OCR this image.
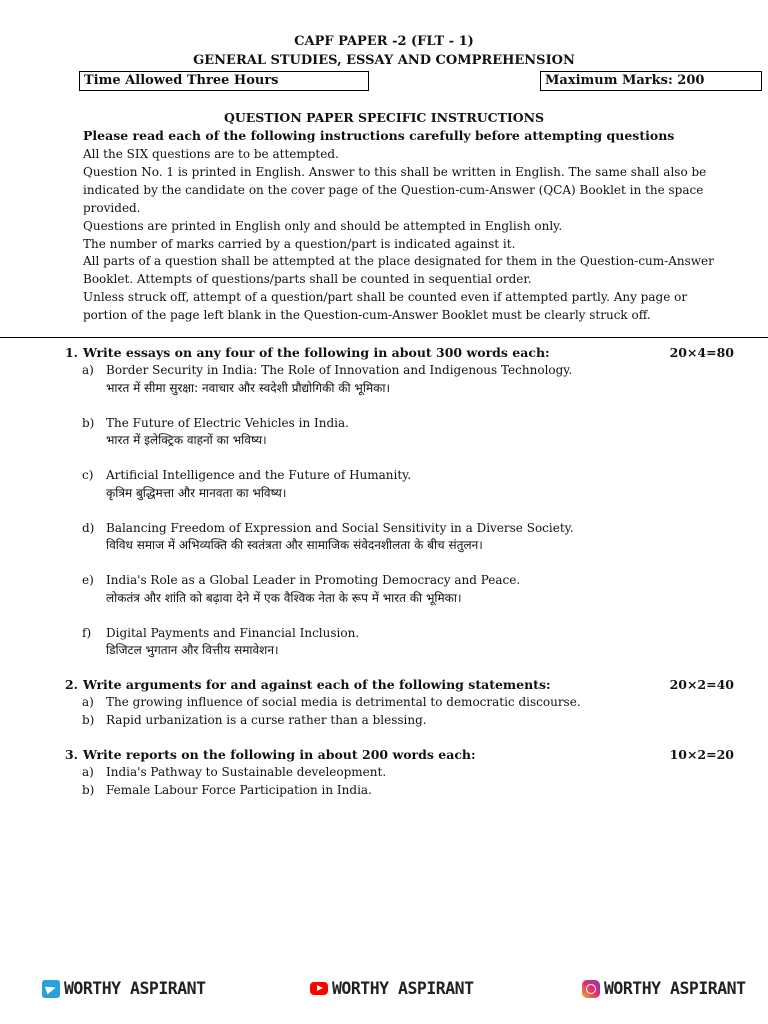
CAPF PAPER -2 (FLT - 1)
GENERAL STUDIES, ESSAY AND COMPREHENSION
Time Allowed Three Hours	Maximum Marks: 200
QUESTION PAPER SPECIFIC INSTRUCTIONS
Please read each of the following instructions carefully before attempting questions

All the SIX questions are to be attempted.

Question No. 1 is printed in English. Answer to this shall be written in English. The same shall also be indicated by the candidate on the cover page of the Question-cum-Answer (QCA) Booklet in the space provided.

Questions are printed in English only and should be attempted in English only.

The number of marks carried by a question/part is indicated against it.

All parts of a question shall be attempted at the place designated for them in the Question-cum-Answer Booklet. Attempts of questions/parts shall be counted in sequential order.

Unless struck off, attempt of a question/part shall be counted even if attempted partly. Any page or portion of the page left blank in the Question-cum-Answer Booklet must be clearly struck off.

1. Write essays on any four of the following in about 300 words each:	20×4=80
a)	Border Security in India: The Role of Innovation and Indigenous Technology.
भारत में सीमा सुरक्षा: नवाचार और स्वदेशी प्रौद्योगिकी की भूमिका।
b) The Future of Electric Vehicles in India.
भारत में इलेक्ट्रिक वाहनों का भविष्य।
c)	Artificial Intelligence and the Future of Humanity.
कृत्रिम बुद्धिमत्ता और मानवता का भविष्य।
d) Balancing Freedom of Expression and Social Sensitivity in a Diverse Society.
विविध समाज में अभिव्यक्ति की स्वतंत्रता और सामाजिक संवेदनशीलता के बीच संतुलन।
e)	India's Role as a Global Leader in Promoting Democracy and Peace.
लोकतंत्र और शांति को बढ़ावा देने में एक वैश्विक नेता के रूप में भारत की भूमिका।
f)	Digital Payments and Financial Inclusion.
डिजिटल भुगतान और वित्तीय समावेशन।
2. Write arguments for and against each of the following statements:	20×2=40
a)	The growing influence of social media is detrimental to democratic discourse.
b) Rapid urbanization is a curse rather than a blessing.
3. Write reports on the following in about 200 words each:	10×2=20
a)	India's Pathway to Sustainable develeopment.
b) Female Labour Force Participation in India.
WORTHY ASPIRANT	WORTHY ASPIRANT	WORTHY ASPIRANT
